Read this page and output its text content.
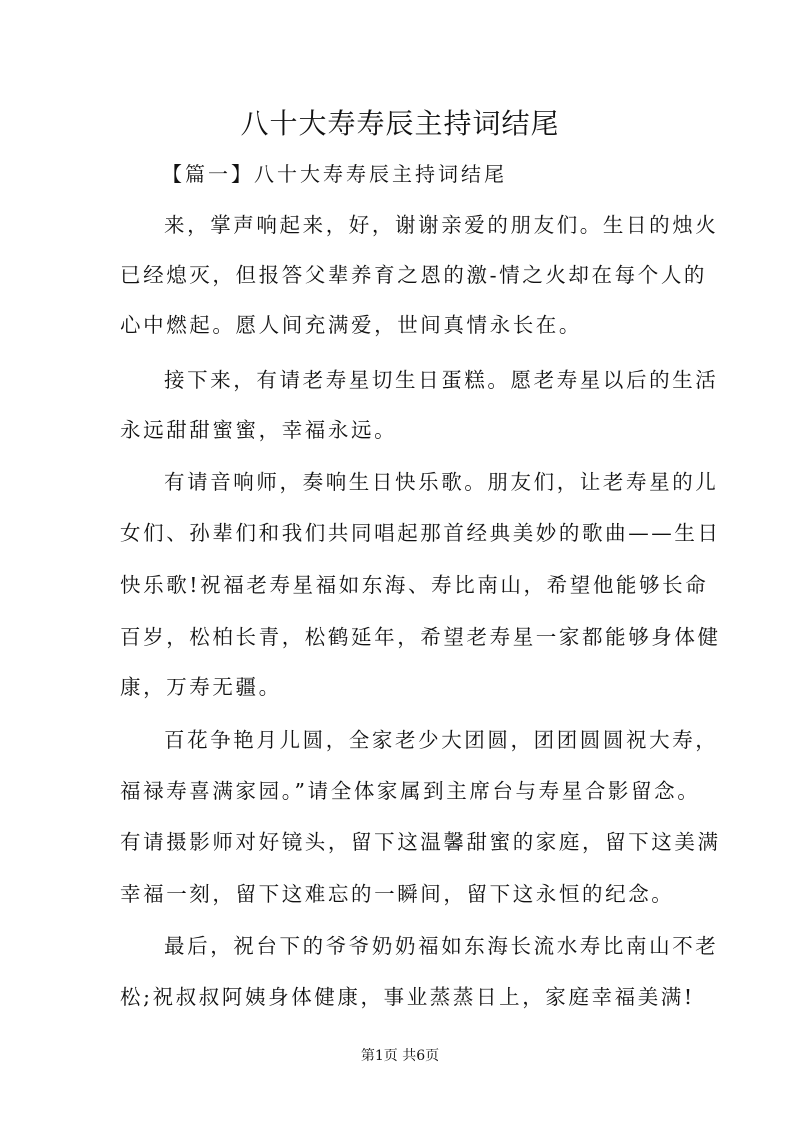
八十大寿寿辰主持词结尾
【篇一】八十大寿寿辰主持词结尾
来，掌声响起来，好，谢谢亲爱的朋友们。生日的烛火
已经熄灭，但报答父辈养育之恩的激-情之火却在每个人的
心中燃起。愿人间充满爱，世间真情永长在。
接下来，有请老寿星切生日蛋糕。愿老寿星以后的生活
永远甜甜蜜蜜，幸福永远。
有请音响师，奏响生日快乐歌。朋友们，让老寿星的儿
女们、孙辈们和我们共同唱起那首经典美妙的歌曲——生日
快乐歌!祝福老寿星福如东海、寿比南山，希望他能够长命
百岁，松柏长青，松鹤延年，希望老寿星一家都能够身体健
康，万寿无疆。
百花争艳月儿圆，全家老少大团圆，团团圆圆祝大寿，
福禄寿喜满家园。”请全体家属到主席台与寿星合影留念。
有请摄影师对好镜头，留下这温馨甜蜜的家庭，留下这美满
幸福一刻，留下这难忘的一瞬间，留下这永恒的纪念。
最后，祝台下的爷爷奶奶福如东海长流水寿比南山不老
松;祝叔叔阿姨身体健康，事业蒸蒸日上，家庭幸福美满!
第1页 共6页
